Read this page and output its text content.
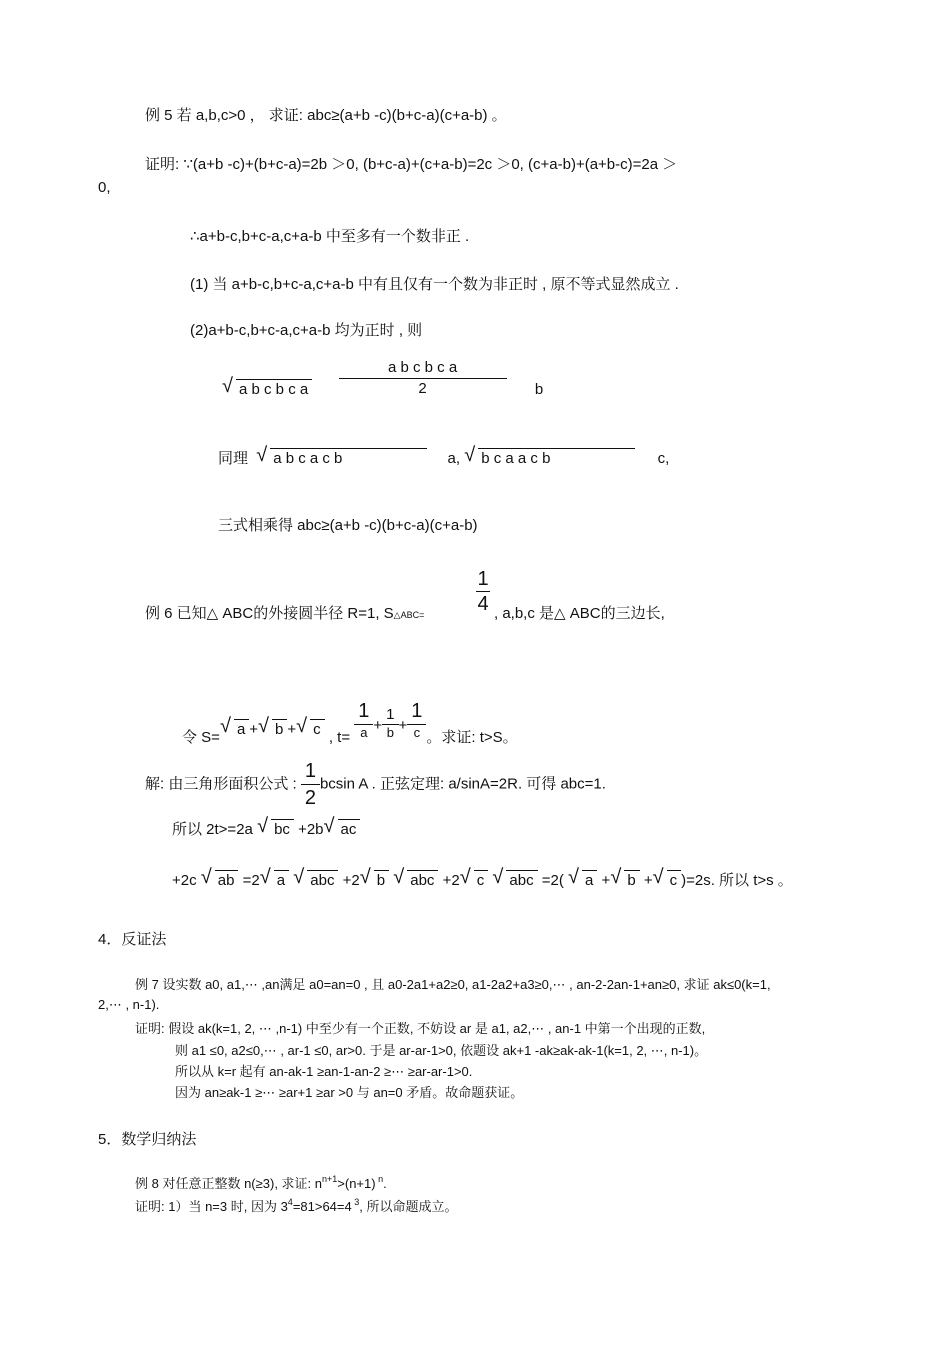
例 5 若 a,b,c>0 ， 求证: abc≥(a+b -c)(b+c-a)(c+a-b) 。
证明: ∵(a+b -c)+(b+c-a)=2b ＞0, (b+c-a)+(c+a-b)=2c ＞0, (c+a-b)+(a+b-c)=2a ＞
0,
∴a+b-c,b+c-a,c+a-b 中至多有一个数非正 .
(1) 当 a+b-c,b+c-a,c+a-b 中有且仅有一个数为非正时 , 原不等式显然成立 .
(2)a+b-c,b+c-a,c+a-b 均为正时 , 则
√ a b c b c a $\frac{\text{a b c b c a}}{2}$ b
同理 √ a b c a c b	a, √ b c a a c b	c,
三式相乘得 abc≥(a+b -c)(b+c-a)(c+a-b)
例 6 已知△ ABC的外接圆半径 R=1, S△ABC=
1
4 , a,b,c 是△ ABC的三边长,
令 S=
√ a + √ b + √ c , $t= \frac{1}{a} + \frac{1}{b} + \frac{1}{c}$ 。求证: t>S。
解: 由三角形面积公式 : $\frac{1}{2}$ bcsin A . 正弦定理: a/sinA=2R. 可得 abc=1.
所以 2t>=2a √ bc +2b √ ac
+2c √ ab =2 √ a √ abc +2 √ b √ abc +2 √ c √ abc =2( √ a + √ b + √ c )=2s. 所以 t>s 。
4．反证法
例 7 设实数 a0, a1,⋯ ,an满足 a0=an=0 , 且 a0-2a1+a2≥0, a1-2a2+a3≥0,⋯ , an-2-2an-1+an≥0, 求证 ak≤0(k=1,
2,⋯ , n-1).
证明: 假设 ak(k=1, 2, ⋯ ,n-1) 中至少有一个正数, 不妨设 ar 是 a1, a2,⋯ , an-1 中第一个出现的正数,
则 a1 ≤0, a2≤0,⋯ , ar-1 ≤0, ar>0. 于是 ar-ar-1>0, 依题设 ak+1 -ak≥ak-ak-1(k=1, 2, ⋯, n-1)。
所以从 k=r 起有 an-ak-1 ≥an-1-an-2 ≥⋯ ≥ar-ar-1>0.
因为 an≥ak-1 ≥⋯ ≥ar+1 ≥ar >0 与 an=0 矛盾。故命题获证。
5．数学归纳法
例 8 对任意正整数 n(≥3), 求证: $n^{n+1}>(n+1)$ $^n$.
证明: 1）当 n=3 时, 因为 $3^4=81>64=4$ $^3$, 所以命题成立。
